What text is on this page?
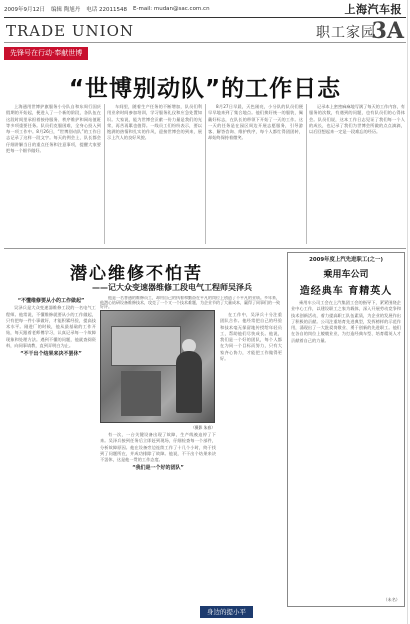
2009年9月12日 编辑 陶旭丹 电话 22011548 E-mail: mudan@sac.com.cn	上海汽车报
TRADE UNION	职工家园
3A
先锋号在行动·奉献世博
“世博别动队”的工作日志

上海通用世博护旗服务小分队自和东周行国庆假期的开始起，便进入了一个新的阶段，各队伍在这段时间里承担着接待服务、秩序维护和网站值班等多项重要任务。队员们克服困难，全身心投入到每一项工作中。8月26日，“世博别动队”的工作日志记录了这样一段文字。每天的例会上，队长都会仔细讲解当日的重点任务和注意事项，提醒大家要把每一个细节做好。

车间里，随着生产任务的不断增加，队员们利用业余时间参加培训，学习服务礼仪和应急处置知识。大家说，能为世博会贡献一份力量是我们的光荣，再苦再累也值得。一线员工们纷纷表示，要以饱满的热情和扎实的作风，迎接世博会的到来，展示上汽人的良好风貌。

8月27日早晨，天色刚亮，小分队的队员们便早早地来到了集合地点。他们换好统一的服装，佩戴好标志，在队长的带领下开始了一天的工作。这一天的任务是在园区周边开展志愿服务，引导游客、解答咨询、维护秩序，每个人都忙得团团转，却始终保持着微笑。

记录本上密密麻麻地写满了每天的工作内容，有服务的次数，有遇到的问题，也有队员们的心得体会。队员们说，这本工作日志见证了我们每一个人的成长，也记录了我们为世博会所做的点点滴滴，以后回想起来一定是一段难忘的经历。

潜心维修不怕苦
——记大众变速器维修工段电气工程师吴泽兵

他是一名普通的维修员工，却用自己的执着和勤奋在平凡的岗位上创造了不平凡的业绩。多年来，他潜心钻研设备维修技术，攻克了一个又一个技术难题，为企业节约了大量成本，赢得了同事们的一致好评。

“不懂维修要从小的工作做起”

吴泽兵是大众变速器维修工段的一名电气工程师。他常说，不懂维修就要从小的工作做起，只有把每一件小事做好，才能积累经验，提高技术水平。刚进厂的时候，他从最基础的工作开始，每天跟着老师傅学习，认真记录每一个故障现象和处理方法。遇到不懂的问题，他就查阅资料，向同事请教，直到弄明白为止。

“不干出个结果来决不罢休”

（摄影 朱春）

在工作中，吴泽兵十分注重团队合作。他经常把自己的经验和技术毫无保留地传授给年轻员工，帮助他们尽快成长。他说，我们是一个好的团队，每个人都在为同一个目标而努力，只有大家齐心协力，才能把工作做得更好。

有一次，一台关键设备出现了故障，生产线被迫停了下来。吴泽兵接到任务后立即赶到现场，仔细检查每一个部件，分析故障原因。他在设备旁边连续工作了十几个小时，终于找到了问题所在，并成功排除了故障。他说，不干出个结果来决不罢休，这是他一贯的工作态度。

“我们是一个好的团队”

2009年度上汽先进职工(之一)
乘用车公司
造经典车 育精英人

乘用车公司工会在上汽集团工会的指导下，紧紧围绕企业中心工作，以建设职工之家为载体，深入开展劳动竞争和技术创新活动，着力提高职工队伍素质，为企业的发展作出了积极的贡献。公司注重培育先进典型，发挥榜样的示范作用，涌现出了一大批爱岗敬业、勇于创新的先进职工。他们在各自的岗位上兢兢业业，为打造经典车型、培育精英人才贡献着自己的力量。

（未名）
身边的提小平
